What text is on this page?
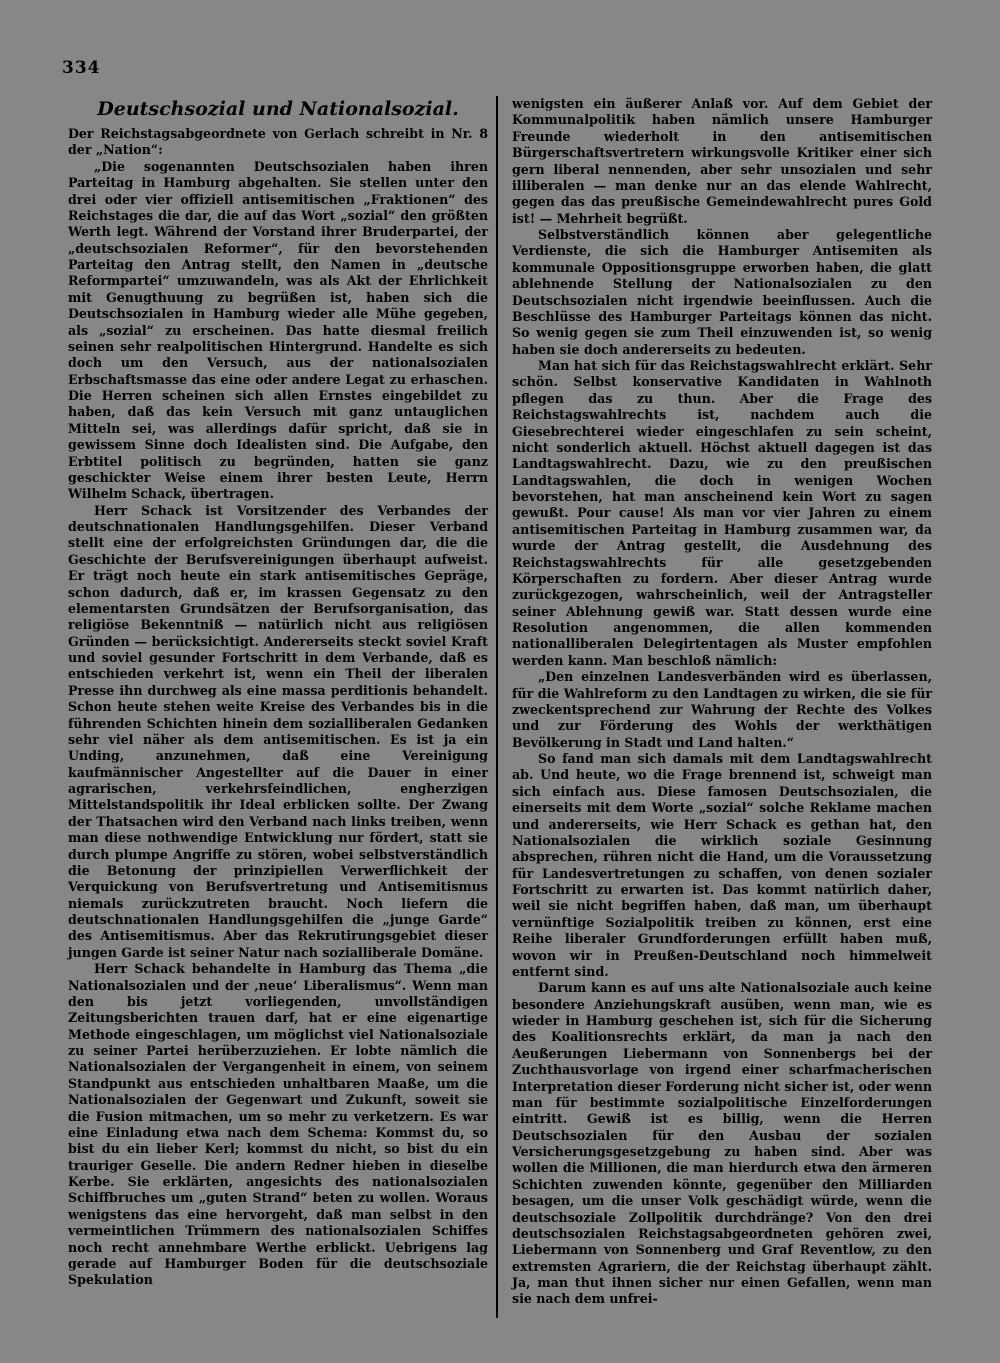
334
Deutschsozial und Nationalsozial.

Der Reichstagsabgeordnete von Gerlach schreibt in Nr. 8 der „Nation“:

„Die sogenannten Deutschsozialen haben ihren Parteitag in Hamburg abgehalten. Sie stellen unter den drei oder vier offiziell antisemitischen „Fraktionen“ des Reichstages die dar, die auf das Wort „sozial“ den größten Werth legt. Während der Vorstand ihrer Bruderpartei, der „deutschsozialen Reformer“, für den bevorstehenden Parteitag den Antrag stellt, den Namen in „deutsche Reformpartei“ umzuwandeln, was als Akt der Ehrlichkeit mit Genugthuung zu begrüßen ist, haben sich die Deutschsozialen in Hamburg wieder alle Mühe gegeben, als „sozial“ zu erscheinen. Das hatte diesmal freilich seinen sehr realpolitischen Hintergrund. Handelte es sich doch um den Versuch, aus der nationalsozialen Erbschaftsmasse das eine oder andere Legat zu erhaschen. Die Herren scheinen sich allen Ernstes eingebildet zu haben, daß das kein Versuch mit ganz untauglichen Mitteln sei, was allerdings dafür spricht, daß sie in gewissem Sinne doch Idealisten sind. Die Aufgabe, den Erbtitel politisch zu begründen, hatten sie ganz geschickter Weise einem ihrer besten Leute, Herrn Wilhelm Schack, übertragen.

Herr Schack ist Vorsitzender des Verbandes der deutschnationalen Handlungsgehilfen. Dieser Verband stellt eine der erfolgreichsten Gründungen dar, die die Geschichte der Berufsvereinigungen überhaupt aufweist. Er trägt noch heute ein stark antisemitisches Gepräge, schon dadurch, daß er, im krassen Gegensatz zu den elementarsten Grundsätzen der Berufsorganisation, das religiöse Bekenntniß — natürlich nicht aus religiösen Gründen — berücksichtigt. Andererseits steckt soviel Kraft und soviel gesunder Fortschritt in dem Verbande, daß es entschieden verkehrt ist, wenn ein Theil der liberalen Presse ihn durchweg als eine massa perditionis behandelt. Schon heute stehen weite Kreise des Verbandes bis in die führenden Schichten hinein dem sozialliberalen Gedanken sehr viel näher als dem antisemitischen. Es ist ja ein Unding, anzunehmen, daß eine Vereinigung kaufmännischer Angestellter auf die Dauer in einer agrarischen, verkehrsfeindlichen, engherzigen Mittelstandspolitik ihr Ideal erblicken sollte. Der Zwang der Thatsachen wird den Verband nach links treiben, wenn man diese nothwendige Entwicklung nur fördert, statt sie durch plumpe Angriffe zu stören, wobei selbstverständlich die Betonung der prinzipiellen Verwerflichkeit der Verquickung von Berufsvertretung und Antisemitismus niemals zurückzutreten braucht. Noch liefern die deutschnationalen Handlungsgehilfen die „junge Garde“ des Antisemitismus. Aber das Rekrutirungsgebiet dieser jungen Garde ist seiner Natur nach sozialliberale Domäne.

Herr Schack behandelte in Hamburg das Thema „die Nationalsozialen und der ‚neue‘ Liberalismus“. Wenn man den bis jetzt vorliegenden, unvollständigen Zeitungsberichten trauen darf, hat er eine eigenartige Methode eingeschlagen, um möglichst viel Nationalsoziale zu seiner Partei herüberzuziehen. Er lobte nämlich die Nationalsozialen der Vergangenheit in einem, von seinem Standpunkt aus entschieden unhaltbaren Maaße, um die Nationalsozialen der Gegenwart und Zukunft, soweit sie die Fusion mitmachen, um so mehr zu verketzern. Es war eine Einladung etwa nach dem Schema: Kommst du, so bist du ein lieber Kerl; kommst du nicht, so bist du ein trauriger Geselle. Die andern Redner hieben in dieselbe Kerbe. Sie erklärten, angesichts des nationalsozialen Schiffbruches um „guten Strand“ beten zu wollen. Woraus wenigstens das eine hervorgeht, daß man selbst in den vermeintlichen Trümmern des nationalsozialen Schiffes noch recht annehmbare Werthe erblickt. Uebrigens lag gerade auf Hamburger Boden für die deutschsoziale Spekulation

wenigsten ein äußerer Anlaß vor. Auf dem Gebiet der Kommunalpolitik haben nämlich unsere Hamburger Freunde wiederholt in den antisemitischen Bürgerschaftsvertretern wirkungsvolle Kritiker einer sich gern liberal nennenden, aber sehr unsozialen und sehr illiberalen — man denke nur an das elende Wahlrecht, gegen das das preußische Gemeindewahlrecht pures Gold ist! — Mehrheit begrüßt.

Selbstverständlich können aber gelegentliche Verdienste, die sich die Hamburger Antisemiten als kommunale Oppositionsgruppe erworben haben, die glatt ablehnende Stellung der Nationalsozialen zu den Deutschsozialen nicht irgendwie beeinflussen. Auch die Beschlüsse des Hamburger Parteitags können das nicht. So wenig gegen sie zum Theil einzuwenden ist, so wenig haben sie doch andererseits zu bedeuten.

Man hat sich für das Reichstagswahlrecht erklärt. Sehr schön. Selbst konservative Kandidaten in Wahlnoth pflegen das zu thun. Aber die Frage des Reichstagswahlrechts ist, nachdem auch die Giesebrechterei wieder eingeschlafen zu sein scheint, nicht sonderlich aktuell. Höchst aktuell dagegen ist das Landtagswahlrecht. Dazu, wie zu den preußischen Landtagswahlen, die doch in wenigen Wochen bevorstehen, hat man anscheinend kein Wort zu sagen gewußt. Pour cause! Als man vor vier Jahren zu einem antisemitischen Parteitag in Hamburg zusammen war, da wurde der Antrag gestellt, die Ausdehnung des Reichstagswahlrechts für alle gesetzgebenden Körperschaften zu fordern. Aber dieser Antrag wurde zurückgezogen, wahrscheinlich, weil der Antragsteller seiner Ablehnung gewiß war. Statt dessen wurde eine Resolution angenommen, die allen kommenden nationalliberalen Delegirtentagen als Muster empfohlen werden kann. Man beschloß nämlich:

„Den einzelnen Landesverbänden wird es überlassen, für die Wahlreform zu den Landtagen zu wirken, die sie für zweckentsprechend zur Wahrung der Rechte des Volkes und zur Förderung des Wohls der werkthätigen Bevölkerung in Stadt und Land halten.“

So fand man sich damals mit dem Landtagswahlrecht ab. Und heute, wo die Frage brennend ist, schweigt man sich einfach aus. Diese famosen Deutschsozialen, die einerseits mit dem Worte „sozial“ solche Reklame machen und andererseits, wie Herr Schack es gethan hat, den Nationalsozialen die wirklich soziale Gesinnung absprechen, rühren nicht die Hand, um die Voraussetzung für Landesvertretungen zu schaffen, von denen sozialer Fortschritt zu erwarten ist. Das kommt natürlich daher, weil sie nicht begriffen haben, daß man, um überhaupt vernünftige Sozialpolitik treiben zu können, erst eine Reihe liberaler Grundforderungen erfüllt haben muß, wovon wir in Preußen-Deutschland noch himmelweit entfernt sind.

Darum kann es auf uns alte Nationalsoziale auch keine besondere Anziehungskraft ausüben, wenn man, wie es wieder in Hamburg geschehen ist, sich für die Sicherung des Koalitionsrechts erklärt, da man ja nach den Aeußerungen Liebermann von Sonnenbergs bei der Zuchthausvorlage von irgend einer scharfmacherischen Interpretation dieser Forderung nicht sicher ist, oder wenn man für bestimmte sozialpolitische Einzelforderungen eintritt. Gewiß ist es billig, wenn die Herren Deutschsozialen für den Ausbau der sozialen Versicherungsgesetzgebung zu haben sind. Aber was wollen die Millionen, die man hierdurch etwa den ärmeren Schichten zuwenden könnte, gegenüber den Milliarden besagen, um die unser Volk geschädigt würde, wenn die deutschsoziale Zollpolitik durchdränge? Von den drei deutschsozialen Reichstagsabgeordneten gehören zwei, Liebermann von Sonnenberg und Graf Reventlow, zu den extremsten Agrariern, die der Reichstag überhaupt zählt. Ja, man thut ihnen sicher nur einen Gefallen, wenn man sie nach dem unfrei-
